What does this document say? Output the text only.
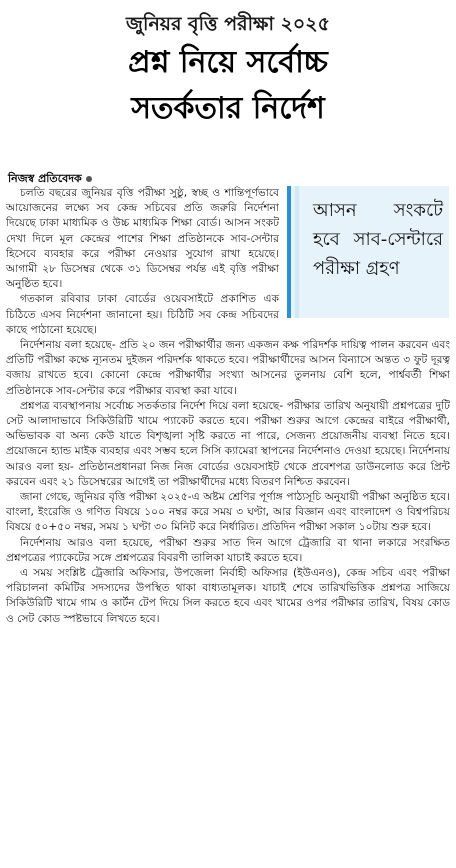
জুনিয়র বৃত্তি পরীক্ষা ২০২৫
প্রশ্ন নিয়ে সর্বোচ্চ
সতর্কতার নির্দেশ
নিজস্ব প্রতিবেদক
আসন সংকটে হবে সাব-সেন্টারে পরীক্ষা গ্রহণ

চলতি বছরের জুনিয়র বৃত্তি পরীক্ষা সুষ্ঠু, স্বচ্ছ ও শান্তিপূর্ণভাবে আয়োজনের লক্ষ্যে সব কেন্দ্র সচিবের প্রতি জরুরি নির্দেশনা দিয়েছে ঢাকা মাধ্যমিক ও উচ্চ মাধ্যমিক শিক্ষা বোর্ড। আসন সংকট দেখা দিলে মূল কেন্দ্রের পাশের শিক্ষা প্রতিষ্ঠানকে সাব-সেন্টার হিসেবে ব্যবহার করে পরীক্ষা নেওয়ার সুযোগ রাখা হয়েছে। আগামী ২৮ ডিসেম্বর থেকে ৩১ ডিসেম্বর পর্যন্ত এই বৃত্তি পরীক্ষা অনুষ্ঠিত হবে।

গতকাল রবিবার ঢাকা বোর্ডের ওয়েবসাইটে প্রকাশিত এক চিঠিতে এসব নির্দেশনা জানানো হয়। চিঠিটি সব কেন্দ্র সচিবদের কাছে পাঠানো হয়েছে।

নির্দেশনায় বলা হয়েছে- প্রতি ২০ জন পরীক্ষার্থীর জন্য একজন কক্ষ পরিদর্শক দায়িত্ব পালন করবেন এবং প্রতিটি পরীক্ষা কক্ষে ন্যূনতম দুইজন পরিদর্শক থাকতে হবে। পরীক্ষার্থীদের আসন বিন্যাসে অন্তত ৩ ফুট দূরত্ব বজায় রাখতে হবে। কোনো কেন্দ্রে পরীক্ষার্থীর সংখ্যা আসনের তুলনায় বেশি হলে, পার্শ্ববর্তী শিক্ষা প্রতিষ্ঠানকে সাব-সেন্টার করে পরীক্ষার ব্যবস্থা করা যাবে।

প্রশ্নপত্র ব্যবস্থাপনায় সর্বোচ্চ সতর্কতার নির্দেশ দিয়ে বলা হয়েছে- পরীক্ষার তারিখ অনুযায়ী প্রশ্নপত্রের দুটি সেট আলাদাভাবে সিকিউরিটি খামে প্যাকেট করতে হবে। পরীক্ষা শুরুর আগে কেন্দ্রের বাইরে পরীক্ষার্থী, অভিভাবক বা অন্য কেউ যাতে বিশৃঙ্খলা সৃষ্টি করতে না পারে, সেজন্য প্রয়োজনীয় ব্যবস্থা নিতে হবে। প্রয়োজনে হ্যান্ড মাইক ব্যবহার এবং সম্ভব হলে সিসি ক্যামেরা স্থাপনের নির্দেশনাও দেওয়া হয়েছে। নির্দেশনায় আরও বলা হয়- প্রতিষ্ঠানপ্রধানরা নিজ নিজ বোর্ডের ওয়েবসাইট থেকে প্রবেশপত্র ডাউনলোড করে প্রিন্ট করবেন এবং ২১ ডিসেম্বরের আগেই তা পরীক্ষার্থীদের মধ্যে বিতরণ নিশ্চিত করবেন।

জানা গেছে, জুনিয়র বৃত্তি পরীক্ষা ২০২৫-এ অষ্টম শ্রেণির পূর্ণাঙ্গ পাঠ্যসূচি অনুযায়ী পরীক্ষা অনুষ্ঠিত হবে। বাংলা, ইংরেজি ও গণিত বিষয়ে ১০০ নম্বর করে সময় ৩ ঘণ্টা, আর বিজ্ঞান এবং বাংলাদেশ ও বিশ্বপরিচয় বিষয়ে ৫০+৫০ নম্বর, সময় ১ ঘণ্টা ৩০ মিনিট করে নির্ধারিত। প্রতিদিন পরীক্ষা সকাল ১০টায় শুরু হবে।

নির্দেশনায় আরও বলা হয়েছে, পরীক্ষা শুরুর সাত দিন আগে ট্রেজারি বা থানা লকারে সংরক্ষিত প্রশ্নপত্রের প্যাকেটের সঙ্গে প্রশ্নপত্রের বিবরণী তালিকা যাচাই করতে হবে।

এ সময় সংশ্লিষ্ট ট্রেজারি অফিসার, উপজেলা নির্বাহী অফিসার (ইউএনও), কেন্দ্র সচিব এবং পরীক্ষা পরিচালনা কমিটির সদস্যদের উপস্থিত থাকা বাধ্যতামূলক। যাচাই শেষে তারিখভিত্তিক প্রশ্নপত্র সাজিয়ে সিকিউরিটি খামে গাম ও কার্টন টেপ দিয়ে সিল করতে হবে এবং খামের ওপর পরীক্ষার তারিখ, বিষয় কোড ও সেট কোড স্পষ্টভাবে লিখতে হবে।
